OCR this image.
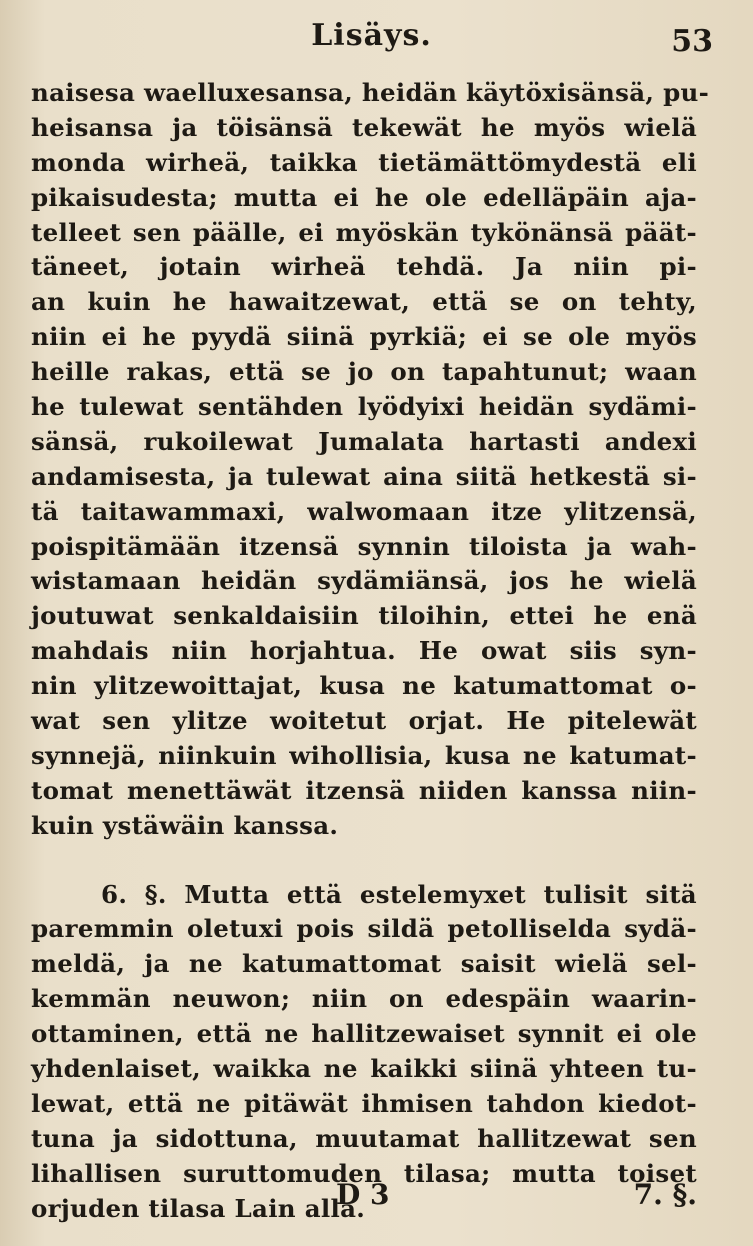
Lisäys.	53
naisesa waelluxesansa, heidän käytöxisänsä, pu-
heisansa ja töisänsä tekewät he myös wielä
monda wirheä, taikka tietämättömydestä eli
pikaisudesta; mutta ei he ole edelläpäin aja-
telleet sen päälle, ei myöskän tykönänsä päät-
täneet, jotain wirheä tehdä. Ja niin pi-
an kuin he hawaitzewat, että se on tehty,
niin ei he pyydä siinä pyrkiä; ei se ole myös
heille rakas, että se jo on tapahtunut; waan
he tulewat sentähden lyödyixi heidän sydämi-
sänsä, rukoilewat Jumalata hartasti andexi
andamisesta, ja tulewat aina siitä hetkestä si-
tä taitawammaxi, walwomaan itze ylitzensä,
poispitämään itzensä synnin tiloista ja wah-
wistamaan heidän sydämiänsä, jos he wielä
joutuwat senkaldaisiin tiloihin, ettei he enä
mahdais niin horjahtua. He owat siis syn-
nin ylitzewoittajat, kusa ne katumattomat o-
wat sen ylitze woitetut orjat. He pitelewät
synnejä, niinkuin wihollisia, kusa ne katumat-
tomat menettäwät itzensä niiden kanssa niin-
kuin ystäwäin kanssa.
6. §. Mutta että estelemyxet tulisit sitä
paremmin oletuxi pois sildä petolliselda sydä-
meldä, ja ne katumattomat saisit wielä sel-
kemmän neuwon; niin on edespäin waarin-
ottaminen, että ne hallitzewaiset synnit ei ole
yhdenlaiset, waikka ne kaikki siinä yhteen tu-
lewat, että ne pitäwät ihmisen tahdon kiedot-
tuna ja sidottuna, muutamat hallitzewat sen
lihallisen suruttomuden tilasa; mutta toiset
orjuden tilasa Lain alla.
D 3	7. §.
